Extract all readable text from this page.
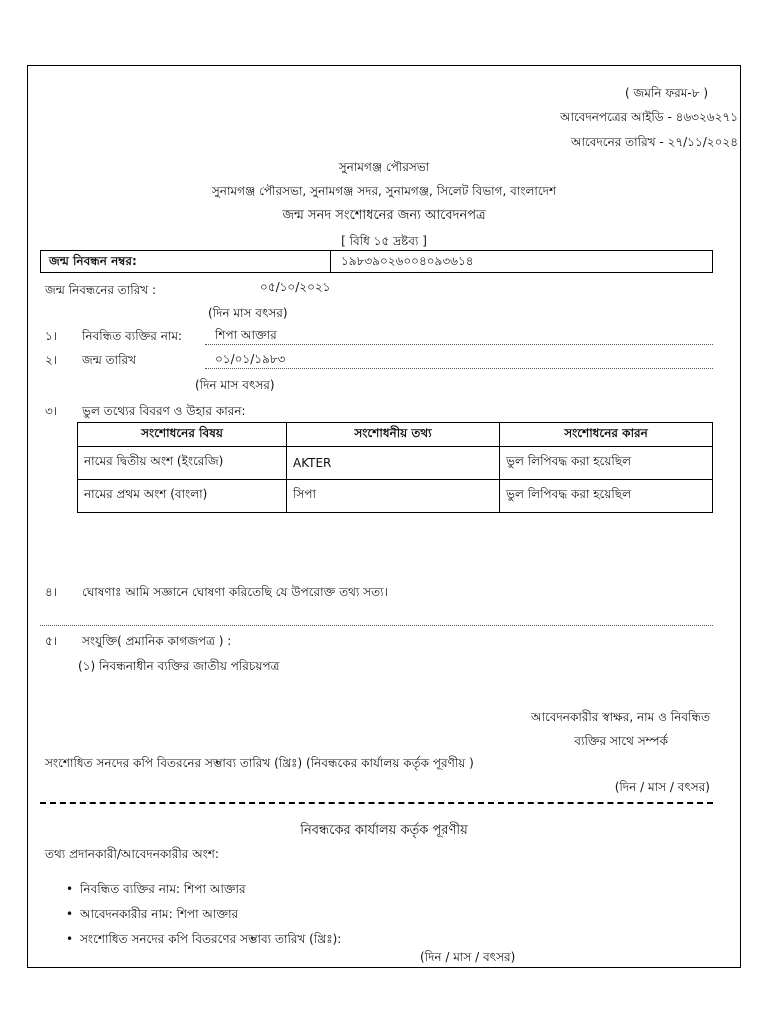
( জমনি ফরম-৮ )
আবেদনপত্রের আইডি - ৪৬৩২৬২৭১
আবেদনের তারিখ - ২৭/১১/২০২৪
সুনামগঞ্জ পৌরসভা
সুনামগঞ্জ পৌরসভা, সুনামগঞ্জ সদর, সুনামগঞ্জ, সিলেট বিভাগ, বাংলাদেশ
জন্ম সনদ সংশোধনের জন্য আবেদনপত্র
[ বিধি ১৫ দ্রষ্টব্য ]
জন্ম নিবন্ধন নম্বর:	১৯৮৩৯০২৬০০৪০৯৩৬১৪
জন্ম নিবন্ধনের তারিখ :	০৫/১০/২০২১
(দিন মাস বৎসর)
১। নিবন্ধিত ব্যক্তির নাম:	শিপা আক্তার
২। জন্ম তারিখ	০১/০১/১৯৮৩
(দিন মাস বৎসর)
৩। ভুল তথ্যের বিবরণ ও উহার কারন:
সংশোধনের বিষয়	সংশোধনীয় তথ্য	সংশোধনের কারন
নামের দ্বিতীয় অংশ (ইংরেজি)	AKTER	ভুল লিপিবদ্ধ করা হয়েছিল
নামের প্রথম অংশ (বাংলা)	সিপা	ভুল লিপিবদ্ধ করা হয়েছিল
৪। ঘোষণাঃ আমি সজ্ঞানে ঘোষণা করিতেছি যে উপরোক্ত তথ্য সত্য।
৫। সংযুক্তি( প্রমানিক কাগজপত্র ) :
(১) নিবন্ধনাধীন ব্যক্তির জাতীয় পরিচয়পত্র
আবেদনকারীর স্বাক্ষর, নাম ও নিবন্ধিত
ব্যক্তির সাথে সম্পর্ক
সংশোধিত সনদের কপি বিতরনের সম্ভাব্য তারিখ (খ্রিঃ) (নিবন্ধকের কার্যালয় কর্তৃক পূরণীয় )
(দিন / মাস / বৎসর)
নিবন্ধকের কার্যালয় কর্তৃক পূরণীয়
তথ্য প্রদানকারী/আবেদনকারীর অংশ:
• নিবন্ধিত ব্যক্তির নাম: শিপা আক্তার
• আবেদনকারীর নাম: শিপা আক্তার
• সংশোধিত সনদের কপি বিতরণের সম্ভাব্য তারিখ (খ্রিঃ):
(দিন / মাস / বৎসর)
